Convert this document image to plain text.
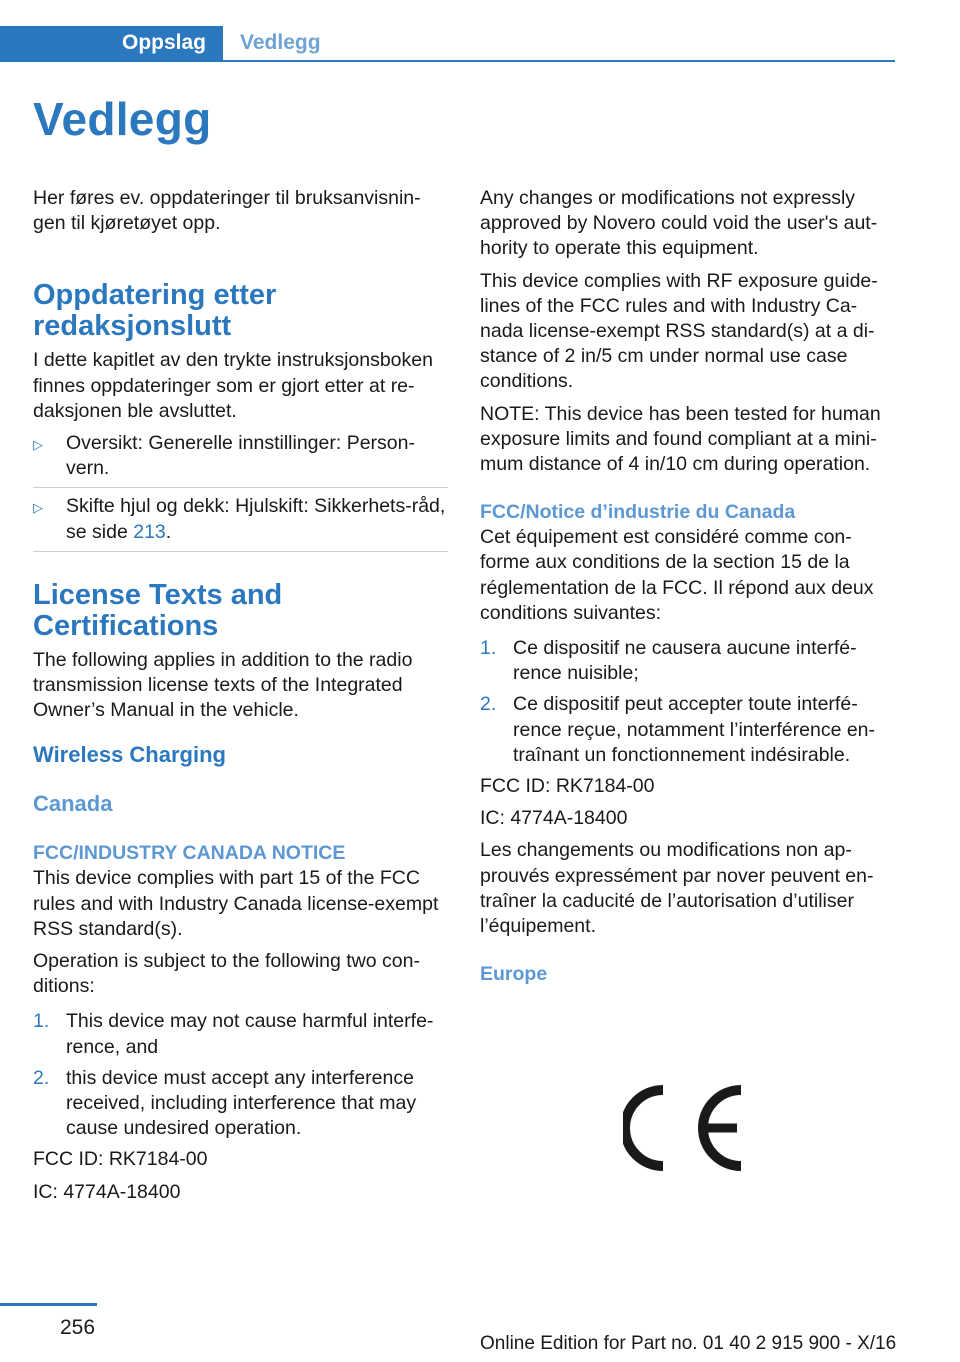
Oppslag	Vedlegg
Vedlegg

Her føres ev. oppdateringer til bruksanvisnin-gen til kjøretøyet opp.

Oppdatering etter redaksjonslutt

I dette kapitlet av den trykte instruksjonsboken finnes oppdateringer som er gjort etter at re-daksjonen ble avsluttet.

▷ Oversikt: Generelle innstillinger: Person-vern.
▷ Skifte hjul og dekk: Hjulskift: Sikkerhets-råd, se side 213.
License Texts and Certifications

The following applies in addition to the radio transmission license texts of the Integrated Owner’s Manual in the vehicle.

Wireless Charging
Canada
FCC/INDUSTRY CANADA NOTICE

This device complies with part 15 of the FCC rules and with Industry Canada license-exempt RSS standard(s).

Operation is subject to the following two con-ditions:

1. This device may not cause harmful interfe-rence, and
2. this device must accept any interference received, including interference that may cause undesired operation.

FCC ID: RK7184-00

IC: 4774A-18400

Any changes or modifications not expressly approved by Novero could void the user's aut-hority to operate this equipment.

This device complies with RF exposure guide-lines of the FCC rules and with Industry Ca-nada license-exempt RSS standard(s) at a di-stance of 2 in/5 cm under normal use case conditions.

NOTE: This device has been tested for human exposure limits and found compliant at a mini-mum distance of 4 in/10 cm during operation.

FCC/Notice d’industrie du Canada

Cet équipement est considéré comme con-forme aux conditions de la section 15 de la réglementation de la FCC. Il répond aux deux conditions suivantes:

1. Ce dispositif ne causera aucune interfé-rence nuisible;
2. Ce dispositif peut accepter toute interfé-rence reçue, notamment l’interférence en-traînant un fonctionnement indésirable.

FCC ID: RK7184-00

IC: 4774A-18400

Les changements ou modifications non ap-prouvés expressément par nover peuvent en-traîner la caducité de l’autorisation d’utiliser l’équipement.

Europe
256
Online Edition for Part no. 01 40 2 915 900 - X/16
